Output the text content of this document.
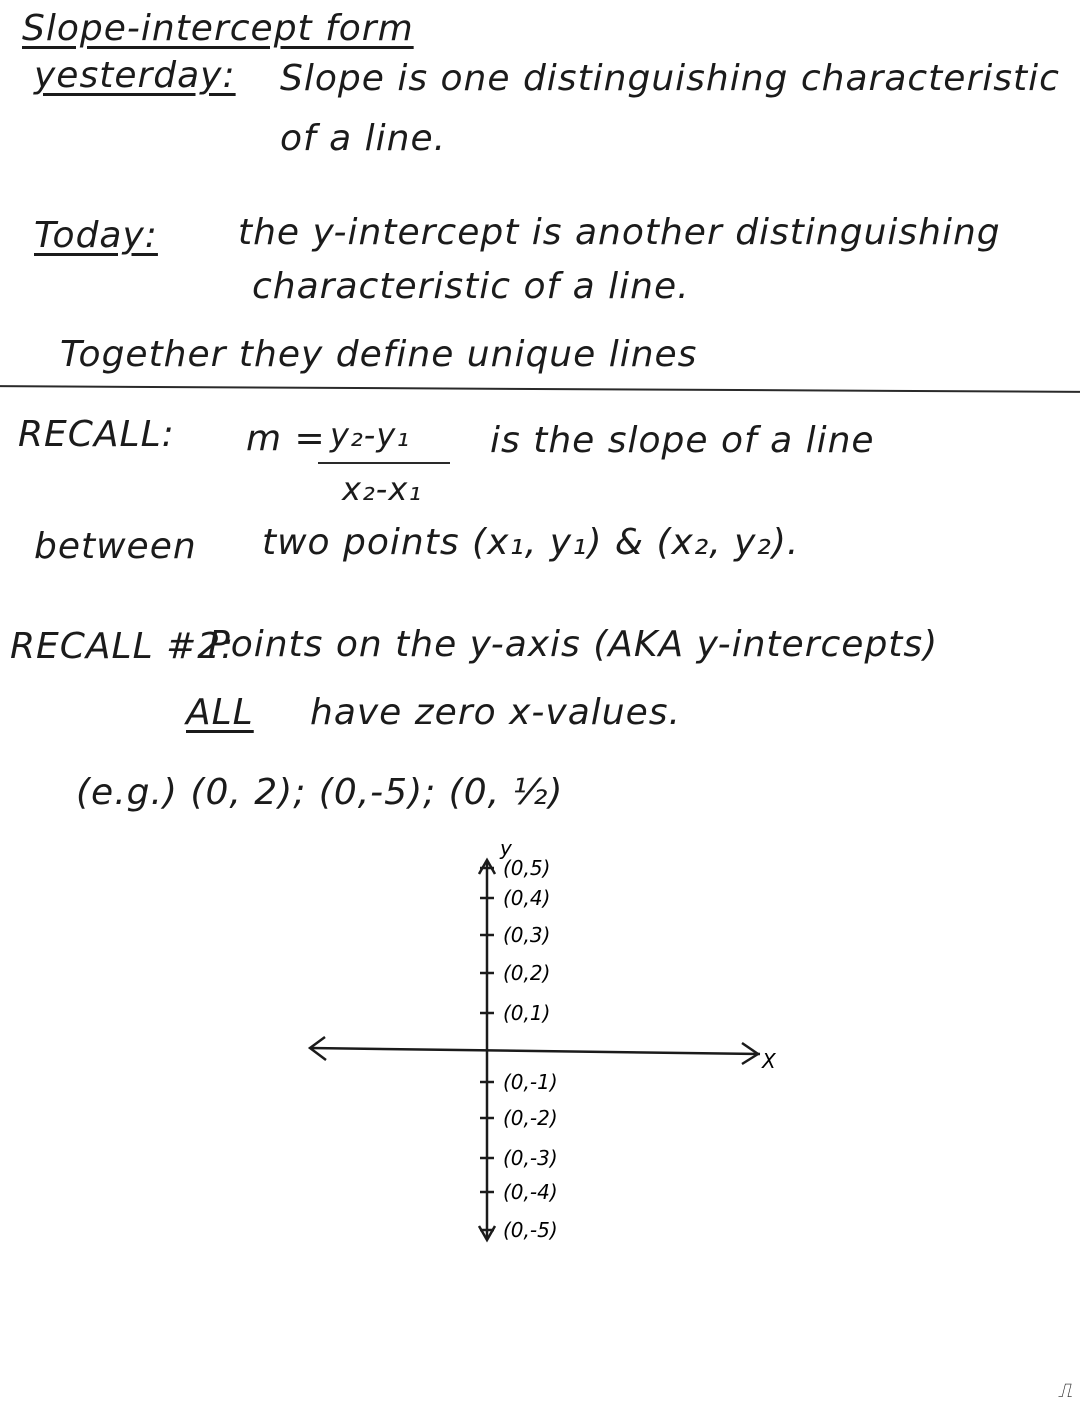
Slope-intercept form
yesterday: Slope is one distinguishing characteristic
of a line.
Today: the y-intercept is another distinguishing
characteristic of a line.
Together they define unique lines
RECALL: m = y₂-y₁
x₂-x₁
is the slope of a line
between two points (x₁, y₁) & (x₂, y₂).
RECALL #2:
Points on the y-axis (AKA y-intercepts)
ALL have zero x-values.
(e.g.) (0, 2); (0,-5); (0, ½)
y
X
(0,5)
(0,4)
(0,3)
(0,2)
(0,1)
(0,-1)
(0,-2)
(0,-3)
(0,-4)
(0,-5)
⎍
